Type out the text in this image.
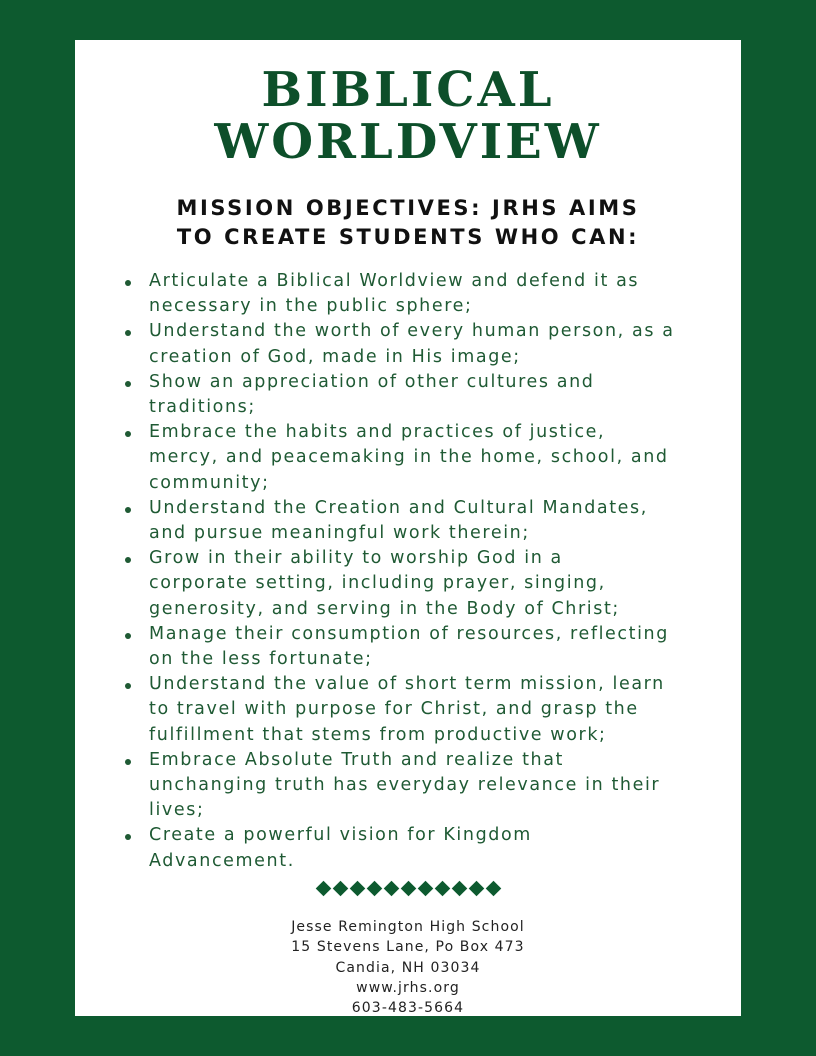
BIBLICAL
WORLDVIEW
MISSION OBJECTIVES: JRHS AIMS
TO CREATE STUDENTS WHO CAN:
Articulate a Biblical Worldview and defend it as
necessary in the public sphere;
Understand the worth of every human person, as a
creation of God, made in His image;
Show an appreciation of other cultures and
traditions;
Embrace the habits and practices of justice,
mercy, and peacemaking in the home, school, and
community;
Understand the Creation and Cultural Mandates,
and pursue meaningful work therein;
Grow in their ability to worship God in a
corporate setting, including prayer, singing,
generosity, and serving in the Body of Christ;
Manage their consumption of resources, reflecting
on the less fortunate;
Understand the value of short term mission, learn
to travel with purpose for Christ, and grasp the
fulfillment that stems from productive work;
Embrace Absolute Truth and realize that
unchanging truth has everyday relevance in their
lives;
Create a powerful vision for Kingdom
Advancement.
Jesse Remington High School
15 Stevens Lane, Po Box 473
Candia, NH 03034
www.jrhs.org
603-483-5664
